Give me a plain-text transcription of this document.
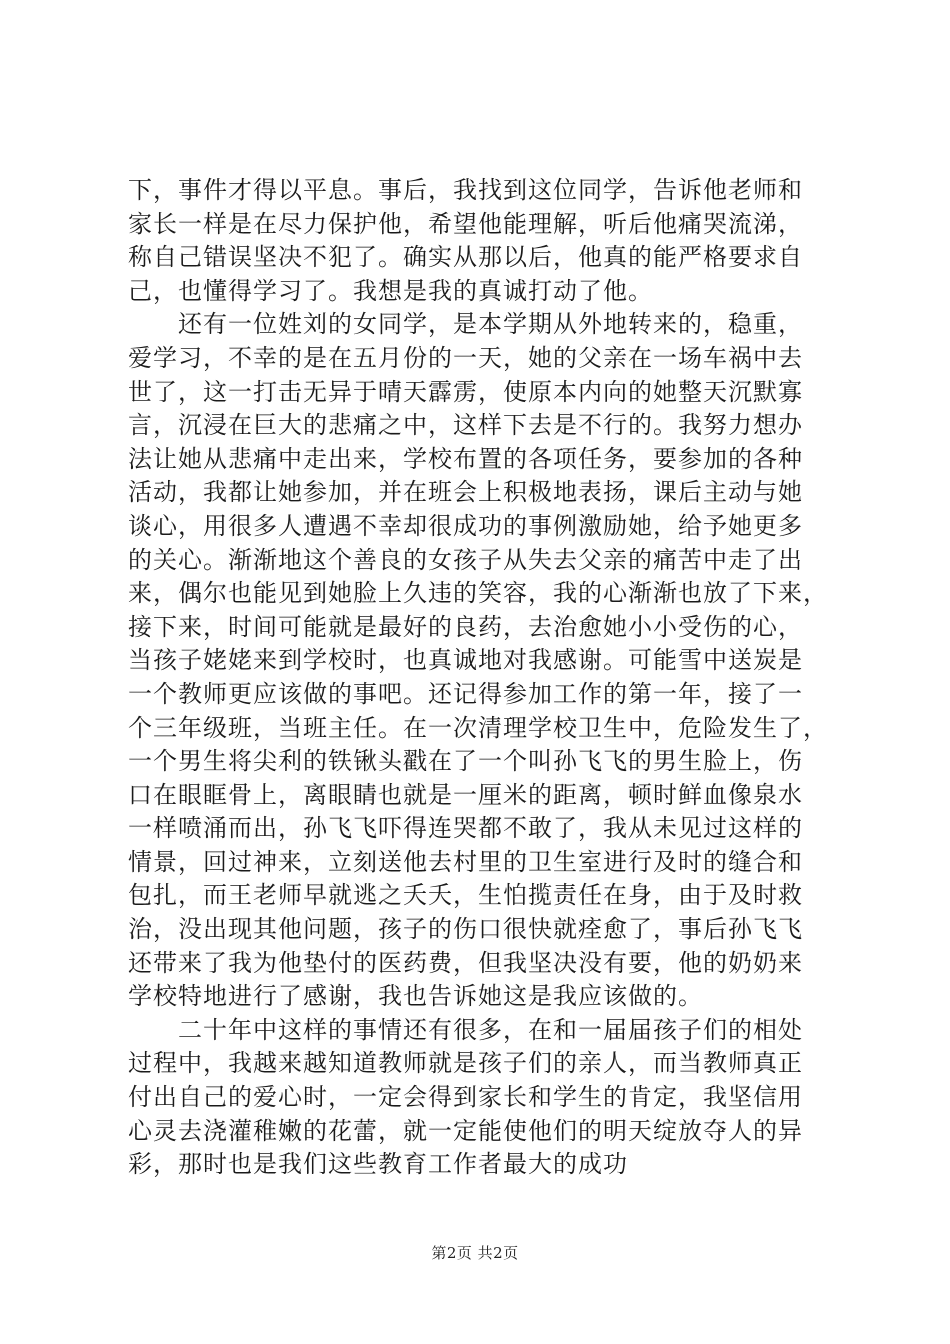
下，事件才得以平息。事后，我找到这位同学，告诉他老师和
家长一样是在尽力保护他，希望他能理解，听后他痛哭流涕，
称自己错误坚决不犯了。确实从那以后，他真的能严格要求自
己，也懂得学习了。我想是我的真诚打动了他。
　　还有一位姓刘的女同学，是本学期从外地转来的，稳重，
爱学习，不幸的是在五月份的一天，她的父亲在一场车祸中去
世了，这一打击无异于晴天霹雳，使原本内向的她整天沉默寡
言，沉浸在巨大的悲痛之中，这样下去是不行的。我努力想办
法让她从悲痛中走出来，学校布置的各项任务，要参加的各种
活动，我都让她参加，并在班会上积极地表扬，课后主动与她
谈心，用很多人遭遇不幸却很成功的事例激励她，给予她更多
的关心。渐渐地这个善良的女孩子从失去父亲的痛苦中走了出
来，偶尔也能见到她脸上久违的笑容，我的心渐渐也放了下来，
接下来，时间可能就是最好的良药，去治愈她小小受伤的心，
当孩子姥姥来到学校时，也真诚地对我感谢。可能雪中送炭是
一个教师更应该做的事吧。还记得参加工作的第一年，接了一
个三年级班，当班主任。在一次清理学校卫生中，危险发生了，
一个男生将尖利的铁锹头戳在了一个叫孙飞飞的男生脸上，伤
口在眼眶骨上，离眼睛也就是一厘米的距离，顿时鲜血像泉水
一样喷涌而出，孙飞飞吓得连哭都不敢了，我从未见过这样的
情景，回过神来，立刻送他去村里的卫生室进行及时的缝合和
包扎，而王老师早就逃之夭夭，生怕揽责任在身，由于及时救
治，没出现其他问题，孩子的伤口很快就痊愈了，事后孙飞飞
还带来了我为他垫付的医药费，但我坚决没有要，他的奶奶来
学校特地进行了感谢，我也告诉她这是我应该做的。
　　二十年中这样的事情还有很多，在和一届届孩子们的相处
过程中，我越来越知道教师就是孩子们的亲人，而当教师真正
付出自己的爱心时，一定会得到家长和学生的肯定，我坚信用
心灵去浇灌稚嫩的花蕾，就一定能使他们的明天绽放夺人的异
彩，那时也是我们这些教育工作者最大的成功
第2页 共2页
